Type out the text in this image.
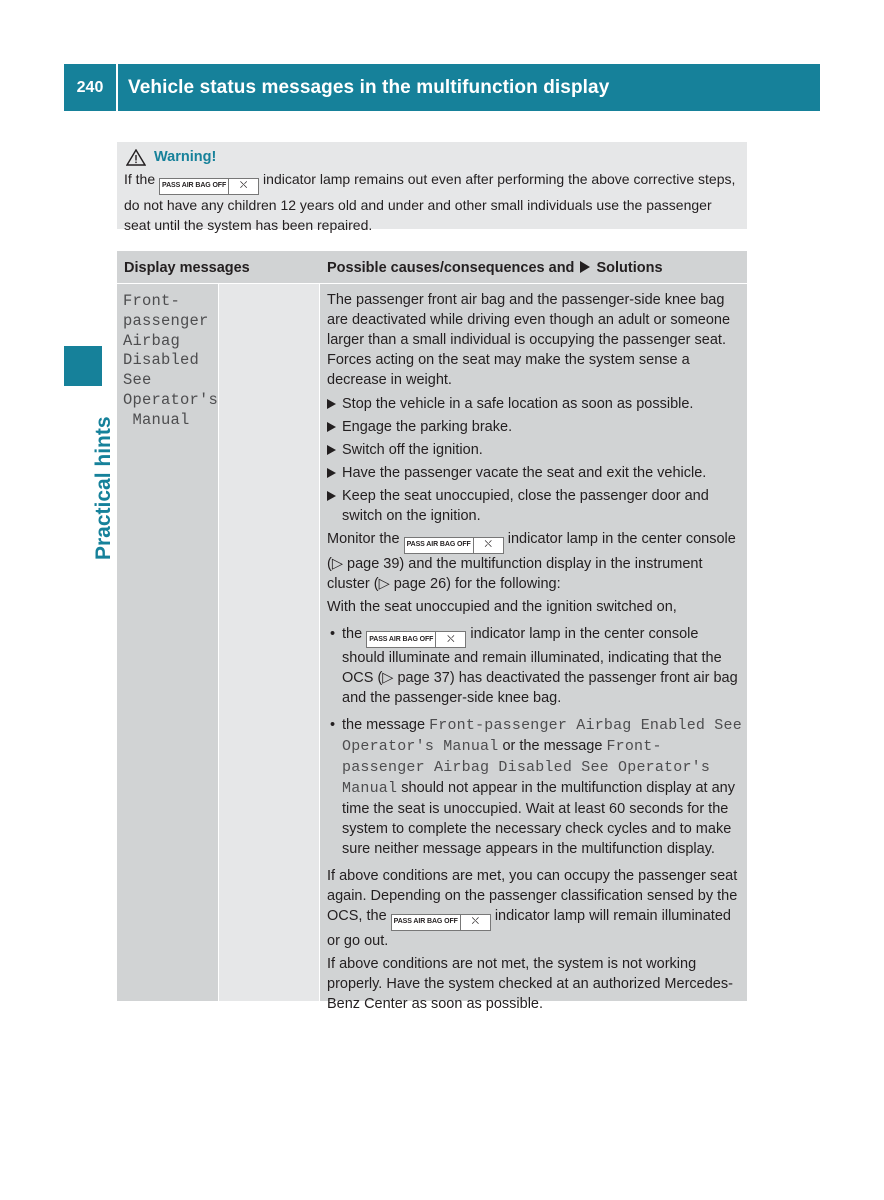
240	Vehicle status messages in the multifunction display
Practical hints
Warning!
If the PASS AIR BAG OFF	⛌	indicator lamp remains out even after performing the above corrective steps, do not have any children 12 years old and under and other small individuals use the passenger seat until the system has been repaired.
Display messages	Possible causes/consequences and Solutions
Front-
passenger
Airbag
Disabled
See
Operator's
Manual

The passenger front air bag and the passenger-side knee bag are deactivated while driving even though an adult or someone larger than a small individual is occupying the passenger seat. Forces acting on the seat may make the system sense a decrease in weight.

Stop the vehicle in a safe location as soon as possible.

Engage the parking brake.

Switch off the ignition.

Have the passenger vacate the seat and exit the vehicle.

Keep the seat unoccupied, close the passenger door and switch on the ignition.

Monitor the PASS AIR BAG OFF	⛌	indicator lamp in the center console (▷ page 39) and the multifunction display in the instrument cluster (▷ page 26) for the following:

With the seat unoccupied and the ignition switched on,

• the PASS AIR BAG OFF	⛌	indicator lamp in the center console should illuminate and remain illuminated, indicating that the OCS (▷ page 37) has deactivated the passenger front air bag and the passenger-side knee bag.

• the message Front-passenger Airbag Enabled See Operator's Manual or the message Front-passenger Airbag Disabled See Operator's Manual should not appear in the multifunction display at any time the seat is unoccupied. Wait at least 60 seconds for the system to complete the necessary check cycles and to make sure neither message appears in the multifunction display.

If above conditions are met, you can occupy the passenger seat again. Depending on the passenger classification sensed by the OCS, the PASS AIR BAG OFF	⛌	indicator lamp will remain illuminated or go out.

If above conditions are not met, the system is not working properly. Have the system checked at an authorized Mercedes-Benz Center as soon as possible.
